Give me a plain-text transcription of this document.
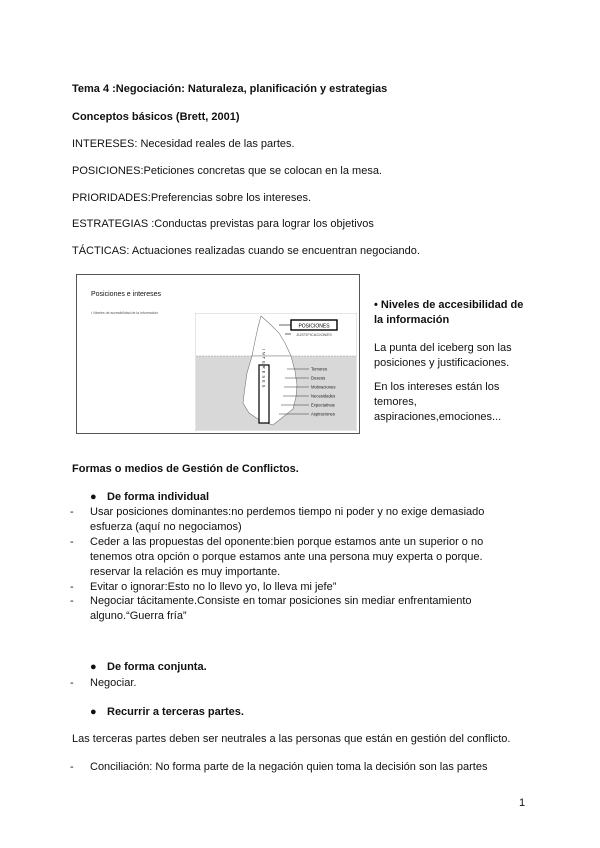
Tema 4 :Negociación: Naturaleza, planificación y estrategias
Conceptos básicos (Brett, 2001)
INTERESES: Necesidad reales de las partes.
POSICIONES:Peticiones concretas que se colocan en la mesa.
PRIORIDADES:Preferencias sobre los intereses.
ESTRATEGIAS :Conductas previstas para lograr los objetivos
TÁCTICAS: Actuaciones realizadas cuando se encuentran negociando.
Posiciones e intereses
• Niveles de accesibilidad de la información
POSICIONES
JUSTIFICACIONES
INTERESES	Temores
Deseos
Motivaciones
Necesidades
Expectativas
Aspiraciones
• Niveles de accesibilidad de la información
La punta del iceberg son las posiciones y justificaciones.
En los intereses están los temores, aspiraciones,emociones...
Formas o medios de Gestión de Conflictos.
● De forma individual
- Usar posiciones dominantes:no perdemos tiempo ni poder y no exige demasiado esfuerza (aquí no negociamos)
- Ceder a las propuestas del oponente:bien porque estamos ante un superior o no tenemos otra opción o porque estamos ante una persona muy experta o porque. reservar la relación es muy importante.
- Evitar o ignorar:Esto no lo llevo yo, lo lleva mi jefe”
- Negociar tácitamente.Consiste en tomar posiciones sin mediar enfrentamiento alguno.“Guerra fría”
● De forma conjunta.
- Negociar.
● Recurrir a terceras partes.
Las terceras partes deben ser neutrales a las personas que están en gestión del conflicto.
- Conciliación: No forma parte de la negación quien toma la decisión son las partes
1
